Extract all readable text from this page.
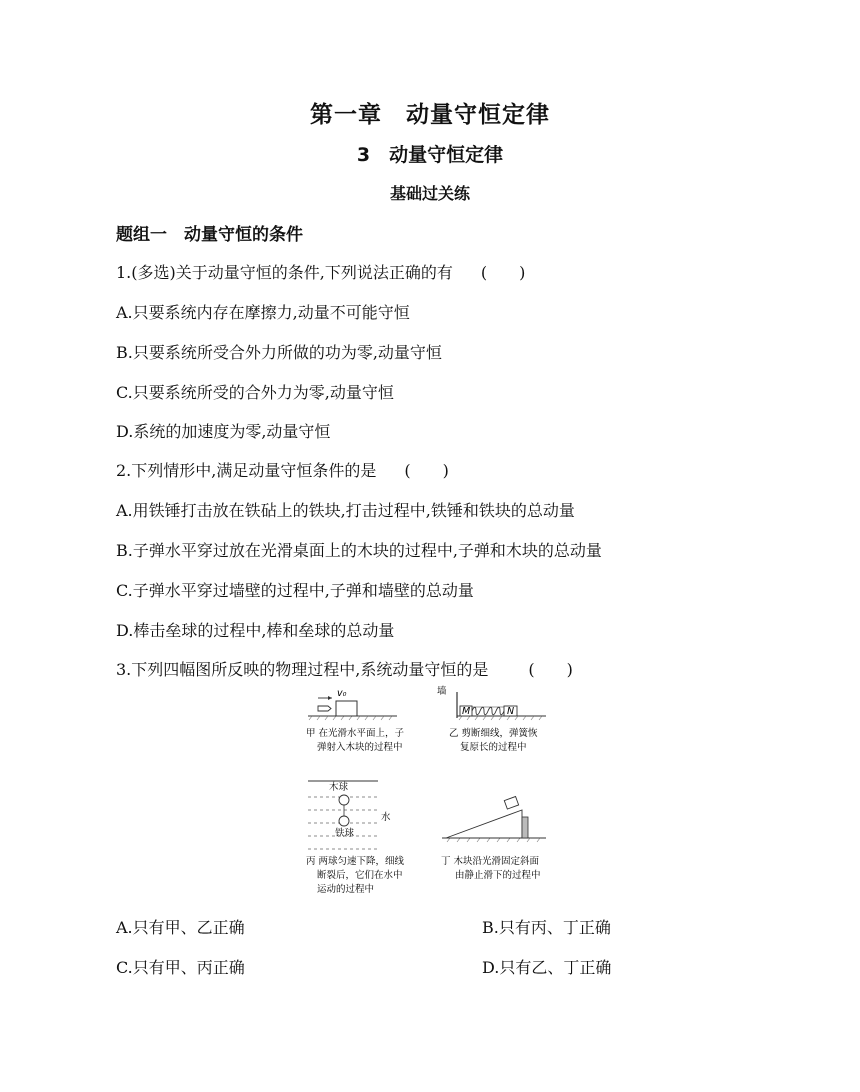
第一章　动量守恒定律
3　动量守恒定律
基础过关练
题组一　动量守恒的条件
1.(多选)关于动量守恒的条件,下列说法正确的有 (　　)
A.只要系统内存在摩擦力,动量不可能守恒
B.只要系统所受合外力所做的功为零,动量守恒
C.只要系统所受的合外力为零,动量守恒
D.系统的加速度为零,动量守恒
2.下列情形中,满足动量守恒条件的是 (　　)
A.用铁锤打击放在铁砧上的铁块,打击过程中,铁锤和铁块的总动量
B.子弹水平穿过放在光滑桌面上的木块的过程中,子弹和木块的总动量
C.子弹水平穿过墙壁的过程中,子弹和墙壁的总动量
D.棒击垒球的过程中,棒和垒球的总动量
3.下列四幅图所反映的物理过程中,系统动量守恒的是	(　　)
v₀
甲 在光滑水平面上，子
弹射入木块的过程中
墙
M	N
乙 剪断细线，弹簧恢
复原长的过程中
木球
水
铁球
丙 两球匀速下降，细线
断裂后，它们在水中
运动的过程中
丁 木块沿光滑固定斜面
由静止滑下的过程中
A.只有甲、乙正确	B.只有丙、丁正确
C.只有甲、丙正确	D.只有乙、丁正确
